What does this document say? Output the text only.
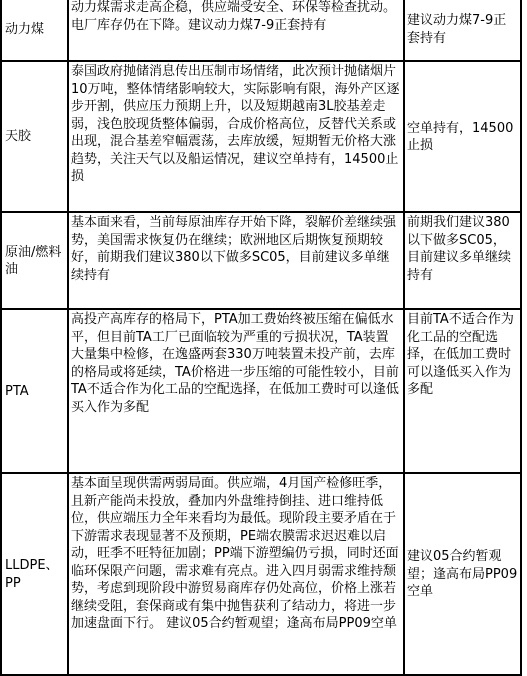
动力煤	动力煤需求走高企稳，供应端受安全、环保等检查扰动。电厂库存仍在下降。建议动力煤7-9正套持有	建议动力煤7-9正套持有

天胶	泰国政府抛储消息传出压制市场情绪，此次预计抛储烟片10万吨，整体情绪影响较大，实际影响有限，海外产区逐步开割，供应压力预期上升，以及短期越南3L胶基差走弱，浅色胶现货整体偏弱，合成价格高位，反替代关系或出现，混合基差窄幅震荡，去库放缓，短期暂无价格大涨趋势，关注天气以及船运情况，建议空单持有，14500止损	空单持有，14500止损

原油/燃料油	基本面来看，当前每原油库存开始下降，裂解价差继续强势，美国需求恢复仍在继续；欧洲地区后期恢复预期较好，前期我们建议380以下做多SC05，目前建议多单继续持有	前期我们建议380以下做多SC05，目前建议多单继续持有

PTA	高投产高库存的格局下，PTA加工费始终被压缩在偏低水平，但目前TA工厂已面临较为严重的亏损状况，TA装置大量集中检修，在逸盛两套330万吨装置未投产前，去库的格局或将延续，TA价格进一步压缩的可能性较小，目前TA不适合作为化工品的空配选择，在低加工费时可以逢低买入作为多配	目前TA不适合作为化工品的空配选择，在低加工费时可以逢低买入作为多配

LLDPE、PP	基本面呈现供需两弱局面。供应端，4月国产检修旺季，且新产能尚未投放，叠加内外盘维持倒挂、进口维持低位，供应端压力全年来看均为最低。现阶段主要矛盾在于下游需求表现显著不及预期，PE端农膜需求迟迟难以启动，旺季不旺特征加剧；PP端下游塑编仍亏损，同时还面临环保限产问题，需求难有亮点。进入四月弱需求维持颓势，考虑到现阶段中游贸易商库存仍处高位，价格上涨若继续受阻，套保商或有集中抛售获利了结动力，将进一步加速盘面下行。 建议05合约暂观望；逢高布局PP09空单	建议05合约暂观望；逢高布局PP09空单
